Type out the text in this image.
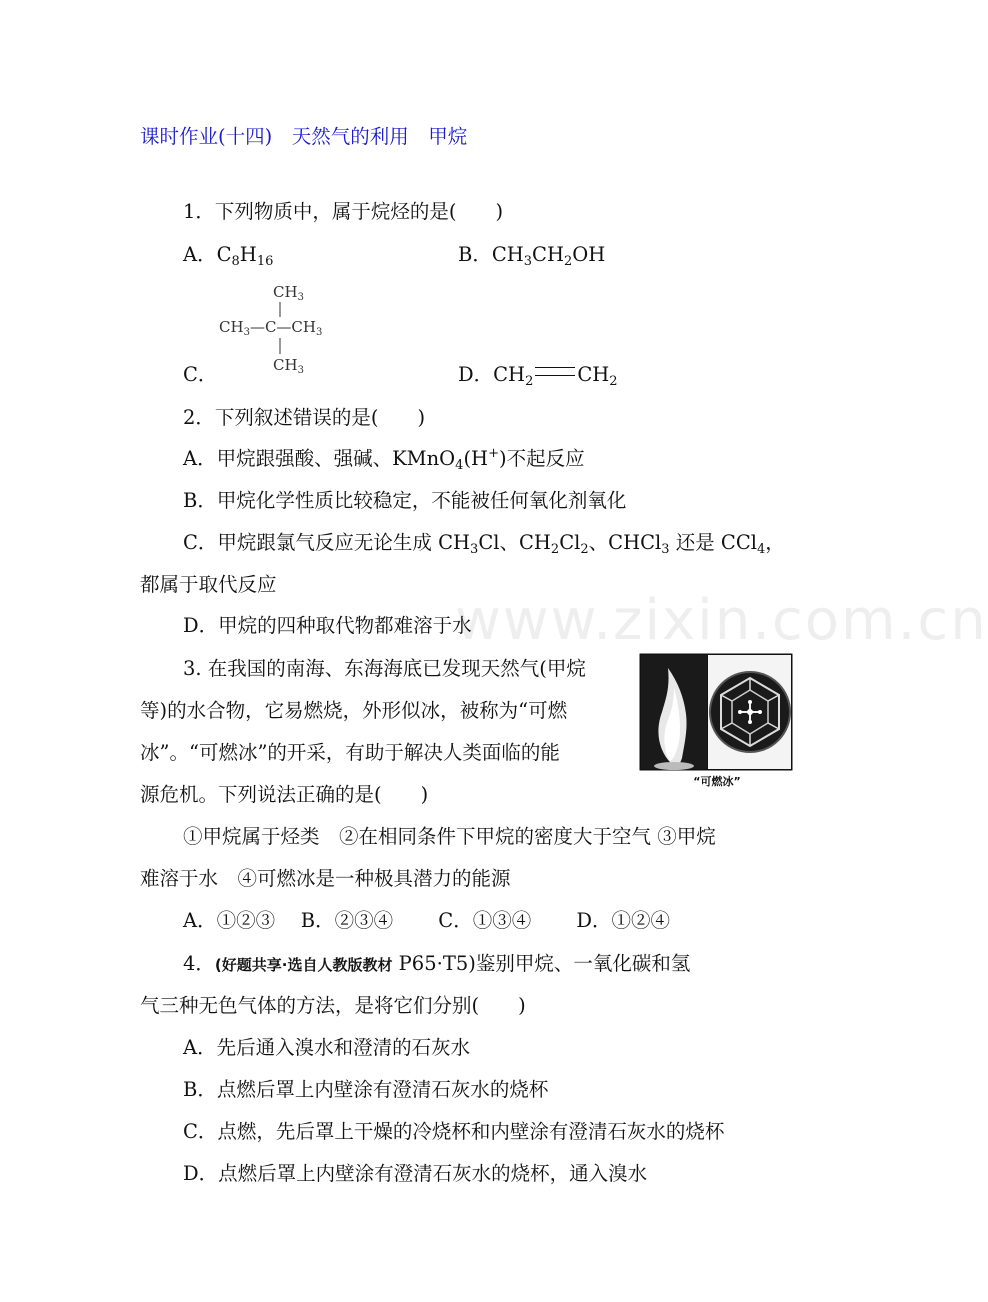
www.zixin.com.cn
课时作业(十四)　天然气的利用　甲烷
1．下列物质中，属于烷烃的是(　　)
A．$C_8H_{16}$	B．$CH_3CH_2OH$
$CH_3$
$CH_3—C—CH_3$
$CH_3$
C．	D．$CH_2$ $CH_2$
2．下列叙述错误的是(　　)
A．甲烷跟强酸、强碱、KMnO$_4$(H+)不起反应
B．甲烷化学性质比较稳定，不能被任何氧化剂氧化
C．甲烷跟氯气反应无论生成 $CH_3Cl$、$CH_2Cl_2$、CHCl$_3$ 还是 CCl$_4$，
都属于取代反应
D．甲烷的四种取代物都难溶于水
3. 在我国的南海、东海海底已发现天然气(甲烷
等)的水合物，它易燃烧，外形似冰，被称为“可燃
冰”。“可燃冰”的开采，有助于解决人类面临的能
源危机。下列说法正确的是(　　)
“可燃冰”
①甲烷属于烃类　②在相同条件下甲烷的密度大于空气 ③甲烷
难溶于水　④可燃冰是一种极具潜力的能源
A．①②③　 B．②③④　　 C．①③④　　 D．①②④
4．(好题共享·选自人教版教材 P65·T5)鉴别甲烷、一氧化碳和氢
气三种无色气体的方法，是将它们分别(　　)
A．先后通入溴水和澄清的石灰水
B．点燃后罩上内壁涂有澄清石灰水的烧杯
C．点燃，先后罩上干燥的冷烧杯和内壁涂有澄清石灰水的烧杯
D．点燃后罩上内壁涂有澄清石灰水的烧杯，通入溴水
